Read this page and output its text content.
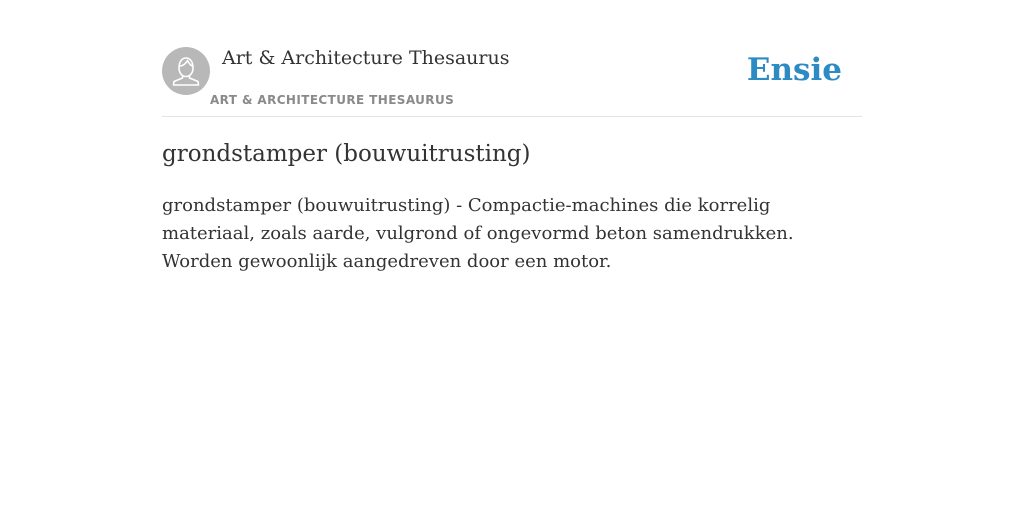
Art & Architecture Thesaurus
ART & ARCHITECTURE THESAURUS
Ensie
grondstamper (bouwuitrusting)

grondstamper (bouwuitrusting) - Compactie-machines die korrelig materiaal, zoals aarde, vulgrond of ongevormd beton samendrukken. Worden gewoonlijk aangedreven door een motor.
